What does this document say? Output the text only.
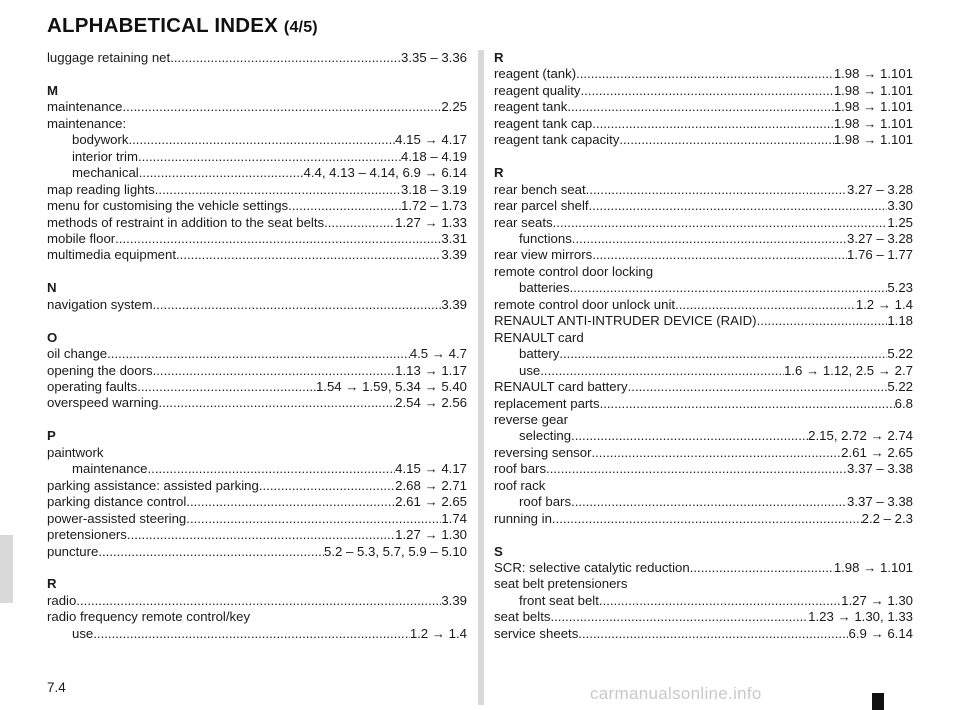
ALPHABETICAL INDEX (4/5)
luggage retaining net .....	3.35 – 3.36
M
maintenance .....	2.25
maintenance:
bodywork .....	4.15 → 4.17
interior trim .....	4.18 – 4.19
mechanical .....	4.4, 4.13 – 4.14, 6.9 → 6.14
map reading lights .....	3.18 – 3.19
menu for customising the vehicle settings .....	1.72 – 1.73
methods of restraint in addition to the seat belts .....	1.27 → 1.33
mobile floor .....	3.31
multimedia equipment .....	3.39
N
navigation system .....	3.39
O
oil change .....	4.5 → 4.7
opening the doors .....	1.13 → 1.17
operating faults .....	1.54 → 1.59, 5.34 → 5.40
overspeed warning .....	2.54 → 2.56
P
paintwork
maintenance .....	4.15 → 4.17
parking assistance: assisted parking .....	2.68 → 2.71
parking distance control .....	2.61 → 2.65
power-assisted steering .....	1.74
pretensioners .....	1.27 → 1.30
puncture .....	5.2 – 5.3, 5.7, 5.9 – 5.10
R
radio .....	3.39
radio frequency remote control/key
use .....	1.2 → 1.4
R
reagent (tank) .....	1.98 → 1.101
reagent quality .....	1.98 → 1.101
reagent tank .....	1.98 → 1.101
reagent tank cap .....	1.98 → 1.101
reagent tank capacity .....	1.98 → 1.101
R
rear bench seat .....	3.27 – 3.28
rear parcel shelf .....	3.30
rear seats .....	1.25
functions .....	3.27 – 3.28
rear view mirrors .....	1.76 – 1.77
remote control door locking
batteries .....	5.23
remote control door unlock unit .....	1.2 → 1.4
RENAULT ANTI-INTRUDER DEVICE (RAID) .....	1.18
RENAULT card
battery .....	5.22
use .....	1.6 → 1.12, 2.5 → 2.7
RENAULT card battery .....	5.22
replacement parts .....	6.8
reverse gear
selecting .....	2.15, 2.72 → 2.74
reversing sensor .....	2.61 → 2.65
roof bars .....	3.37 – 3.38
roof rack
roof bars .....	3.37 – 3.38
running in .....	2.2 – 2.3
S
SCR: selective catalytic reduction .....	1.98 → 1.101
seat belt pretensioners
front seat belt .....	1.27 → 1.30
seat belts .....	1.23 → 1.30, 1.33
service sheets .....	6.9 → 6.14
7.4	carmanualsonline.info
